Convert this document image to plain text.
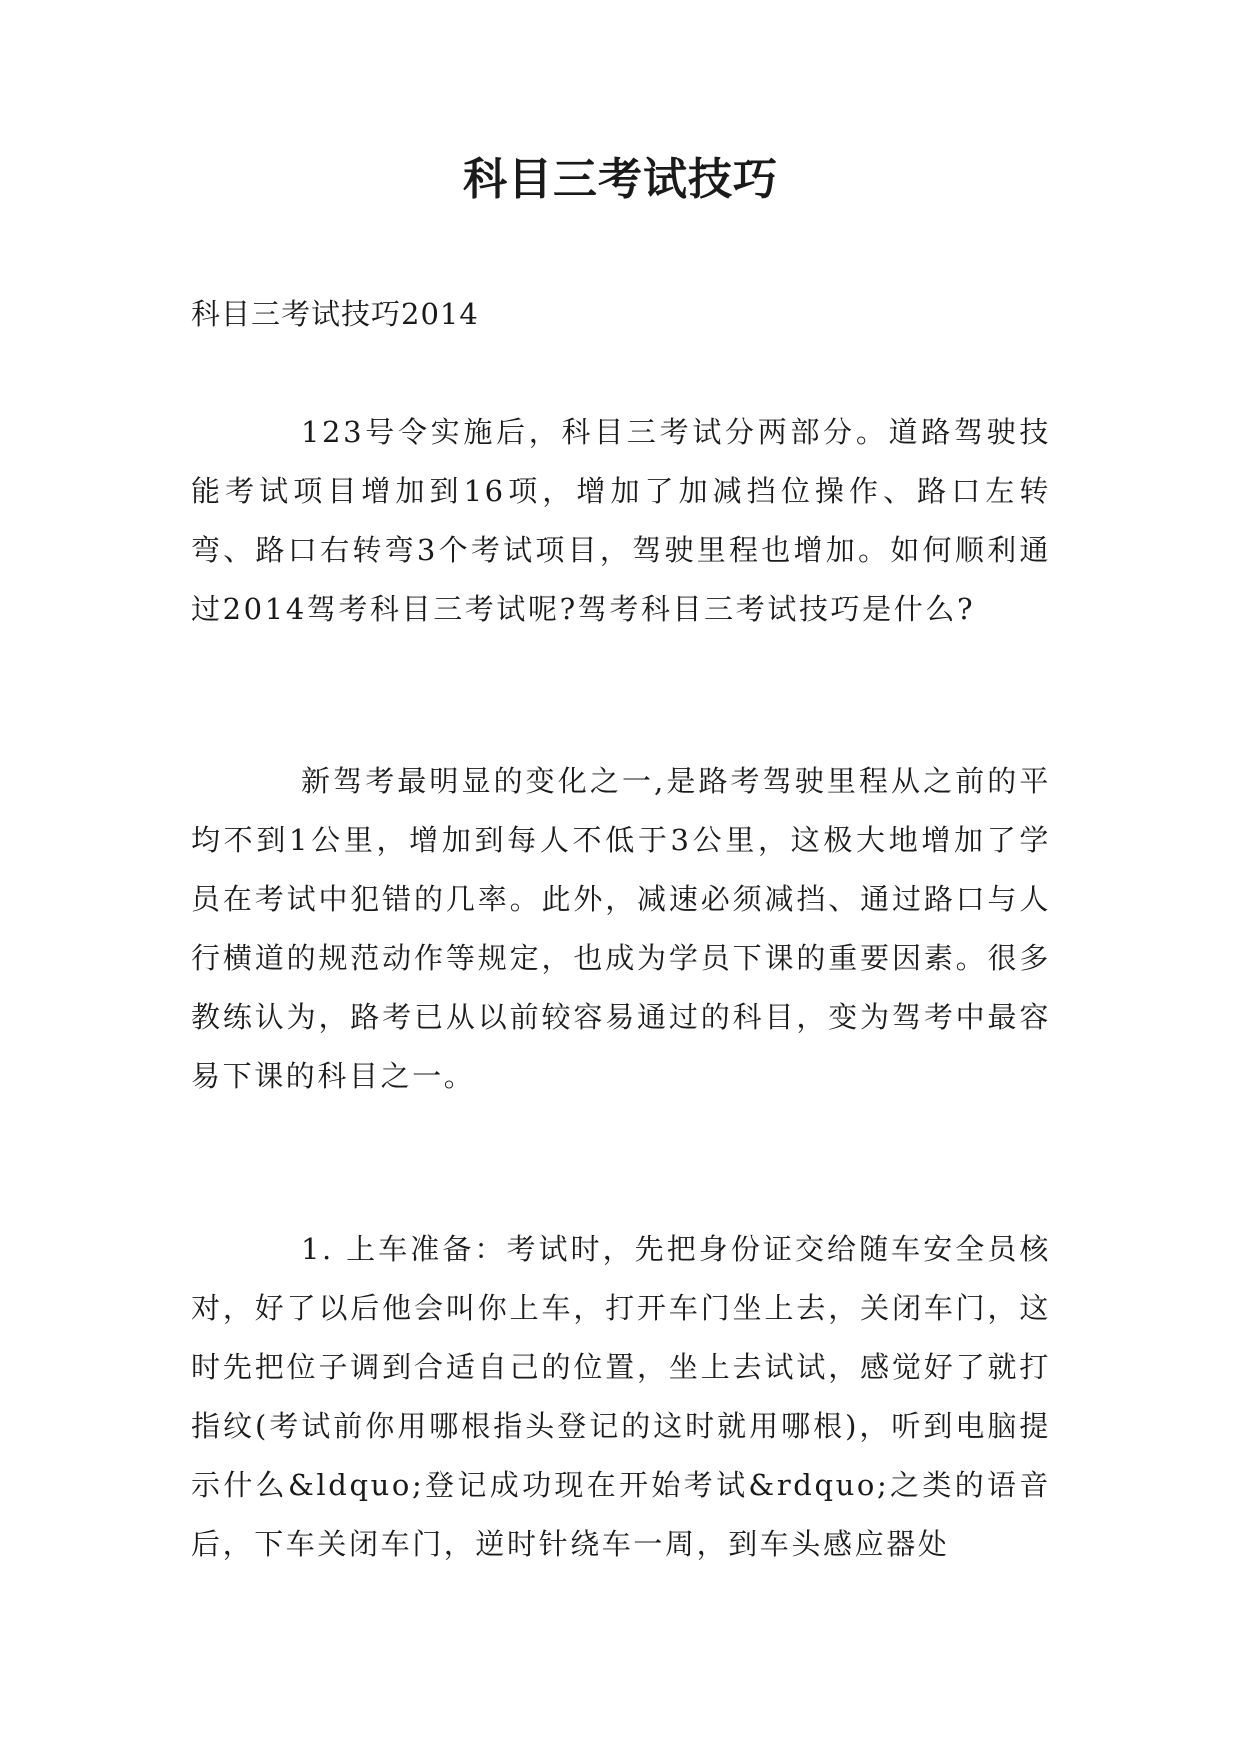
科目三考试技巧
科目三考试技巧2014

123号令实施后，科目三考试分两部分。道路驾驶技能考试项目增加到16项，增加了加减挡位操作、路口左转弯、路口右转弯3个考试项目，驾驶里程也增加。如何顺利通过2014驾考科目三考试呢?驾考科目三考试技巧是什么?

新驾考最明显的变化之一,是路考驾驶里程从之前的平均不到1公里，增加到每人不低于3公里，这极大地增加了学员在考试中犯错的几率。此外，减速必须减挡、通过路口与人行横道的规范动作等规定，也成为学员下课的重要因素。很多教练认为，路考已从以前较容易通过的科目，变为驾考中最容易下课的科目之一。

1. 上车准备：考试时，先把身份证交给随车安全员核对，好了以后他会叫你上车，打开车门坐上去，关闭车门，这时先把位子调到合适自己的位置，坐上去试试，感觉好了就打指纹(考试前你用哪根指头登记的这时就用哪根)，听到电脑提示什么&ldquo;登记成功现在开始考试&rdquo;之类的语音后，下车关闭车门，逆时针绕车一周，到车头感应器处
